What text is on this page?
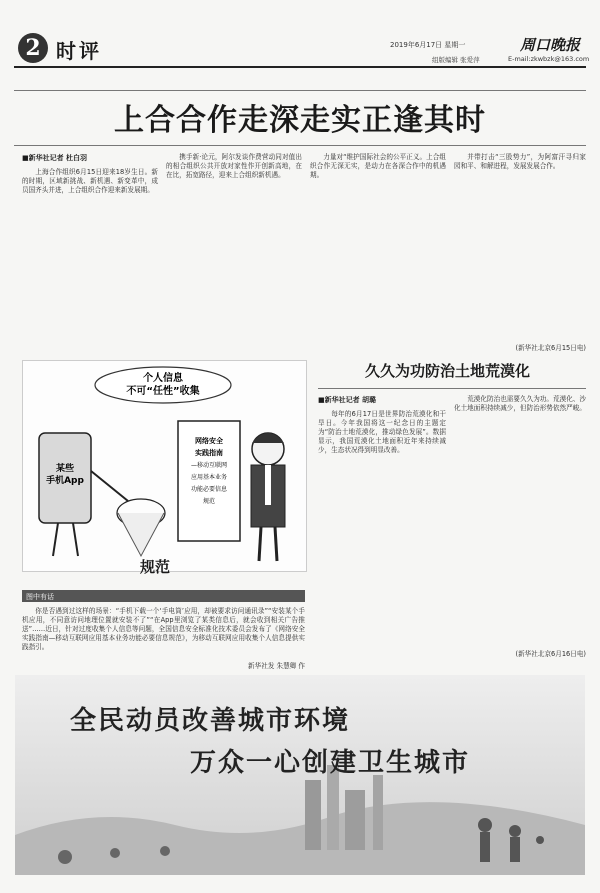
2 时评	2019年6月17日 星期一	周口晚报
组版编辑 张爱萍	E-mail:zkwbzk@163.com
上合合作走深走实正逢其时
■新华社记者 杜白羽

上海合作组织6月15日迎来18岁生日。新的时期，区域新挑战、新机遇、新变革中，成员国齐头并进，上合组织合作迎来新发展期。

携手新·论元，阿尔发谈作费营动同对值出的相合组织公共开放对家性作开创新高地，在在比，拓宽路径，迎来上合组织新机遇。

力量对“维护国际社会的公平正义。上合组织合作无深无实，是动力在各深合作中的机遇期。

并带打击“三股势力”，为阿富汗寻归家园和平、和解进程，发展发展合作。

(新华社北京6月15日电)
个人信息
不可“任性”收集
某些
手机App
网络安全
实践指南
—移动互联网
应用基本业务
功能必要信息
规范
规范
图中有话

你是否遇到过这样的场景：“手机下载一个‘手电筒’应用，却被要求访问通讯录”“安装某个手机应用，不同意访问地理位置就安装不了”“在App里浏览了某类信息后，就会收到相关广告推送”……近日，针对过度收集个人信息等问题，全国信息安全标准化技术委员会发布了《网络安全实践指南—移动互联网应用基本业务功能必要信息规范》，为移动互联网应用收集个人信息提供实践指引。

新华社发 朱慧卿 作
久久为功防治土地荒漠化
■新华社记者 胡璐

每年的6月17日是世界防治荒漠化和干旱日。今年我国将这一纪念日的主题定为“防治土地荒漠化，推动绿色发展”。数据显示，我国荒漠化土地面积近年来持续减少，生态状况得到明显改善。

荒漠化防治也需要久久为功。荒漠化、沙化土地面积持续减少，但防治形势依然严峻。

(新华社北京6月16日电)
全民动员改善城市环境
万众一心创建卫生城市
